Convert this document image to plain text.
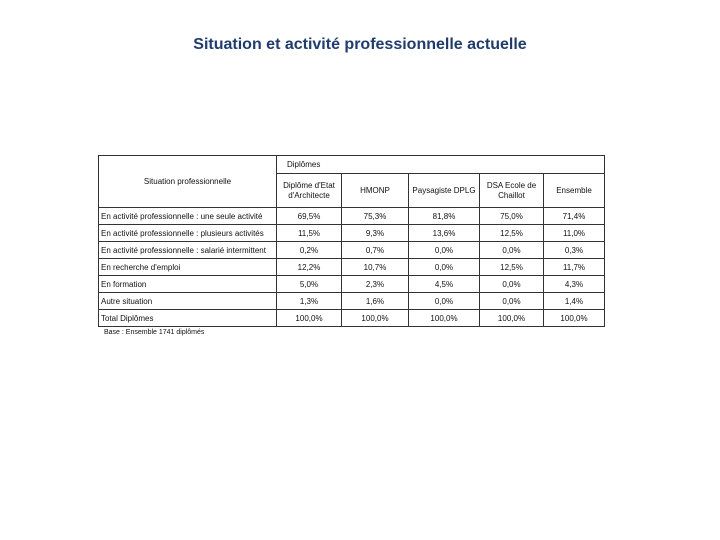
Situation et activité professionnelle actuelle
Situation professionnelle	Diplômes				
	Diplôme d'Etat d'Architecte	HMONP	Paysagiste DPLG	DSA Ecole de Chaillot	Ensemble
En activité professionnelle : une seule activité	69,5%	75,3%	81,8%	75,0%	71,4%
En activité professionnelle : plusieurs activités	11,5%	9,3%	13,6%	12,5%	11,0%
En activité professionnelle : salarié intermittent	0,2%	0,7%	0,0%	0,0%	0,3%
En recherche d'emploi	12,2%	10,7%	0,0%	12,5%	11,7%
En formation	5,0%	2,3%	4,5%	0,0%	4,3%
Autre situation	1,3%	1,6%	0,0%	0,0%	1,4%
Total Diplômes	100,0%	100,0%	100,0%	100,0%	100,0%
Base : Ensemble 1741 diplômés
